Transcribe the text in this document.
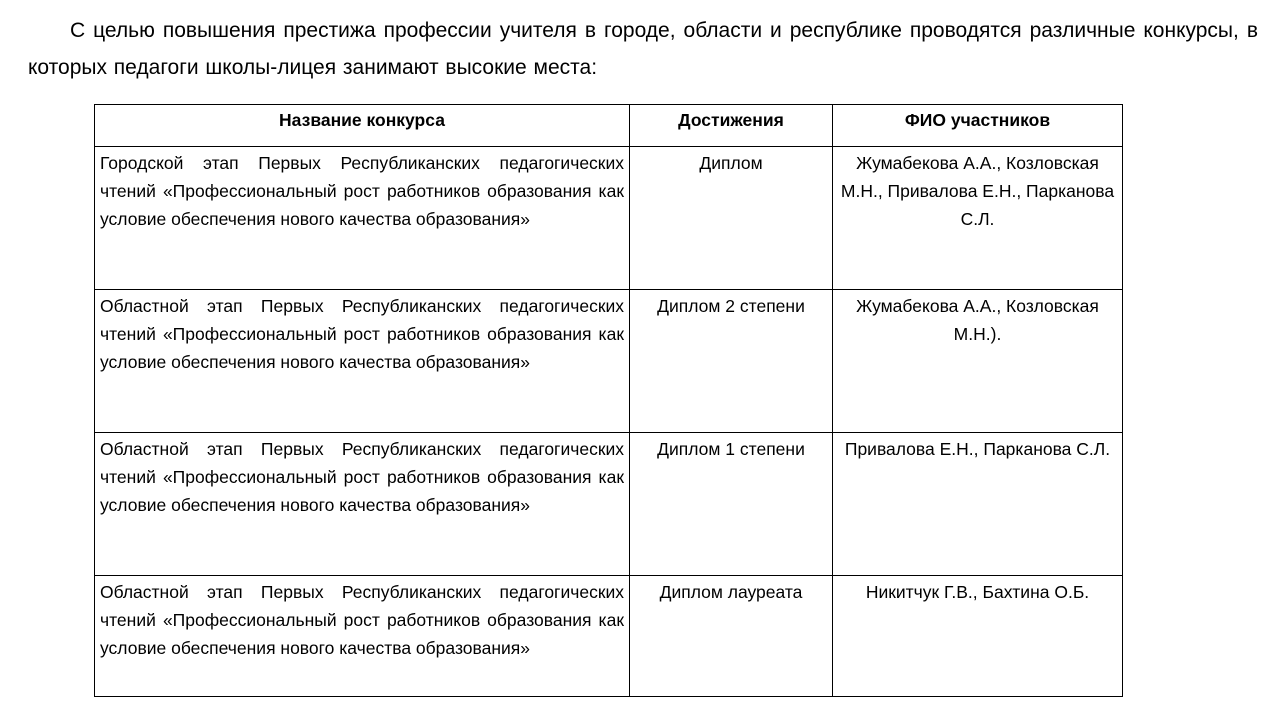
С целью повышения престижа профессии учителя в городе, области и республике проводятся различные конкурсы, в которых педагоги школы-лицея занимают высокие места:

Название конкурса	Достижения	ФИО участников
Городской этап Первых Республиканских педагогических чтений «Профессиональный рост работников образования как условие обеспечения нового качества образования»	Диплом	Жумабекова А.А., Козловская М.Н., Привалова Е.Н., Парканова С.Л.
Областной этап Первых Республиканских педагогических чтений «Профессиональный рост работников образования как условие обеспечения нового качества образования»	Диплом 2 степени	Жумабекова А.А., Козловская М.Н.).
Областной этап Первых Республиканских педагогических чтений «Профессиональный рост работников образования как условие обеспечения нового качества образования»	Диплом 1 степени	Привалова Е.Н., Парканова С.Л.
Областной этап Первых Республиканских педагогических чтений «Профессиональный рост работников образования как условие обеспечения нового качества образования»	Диплом лауреата	Никитчук Г.В., Бахтина О.Б.
